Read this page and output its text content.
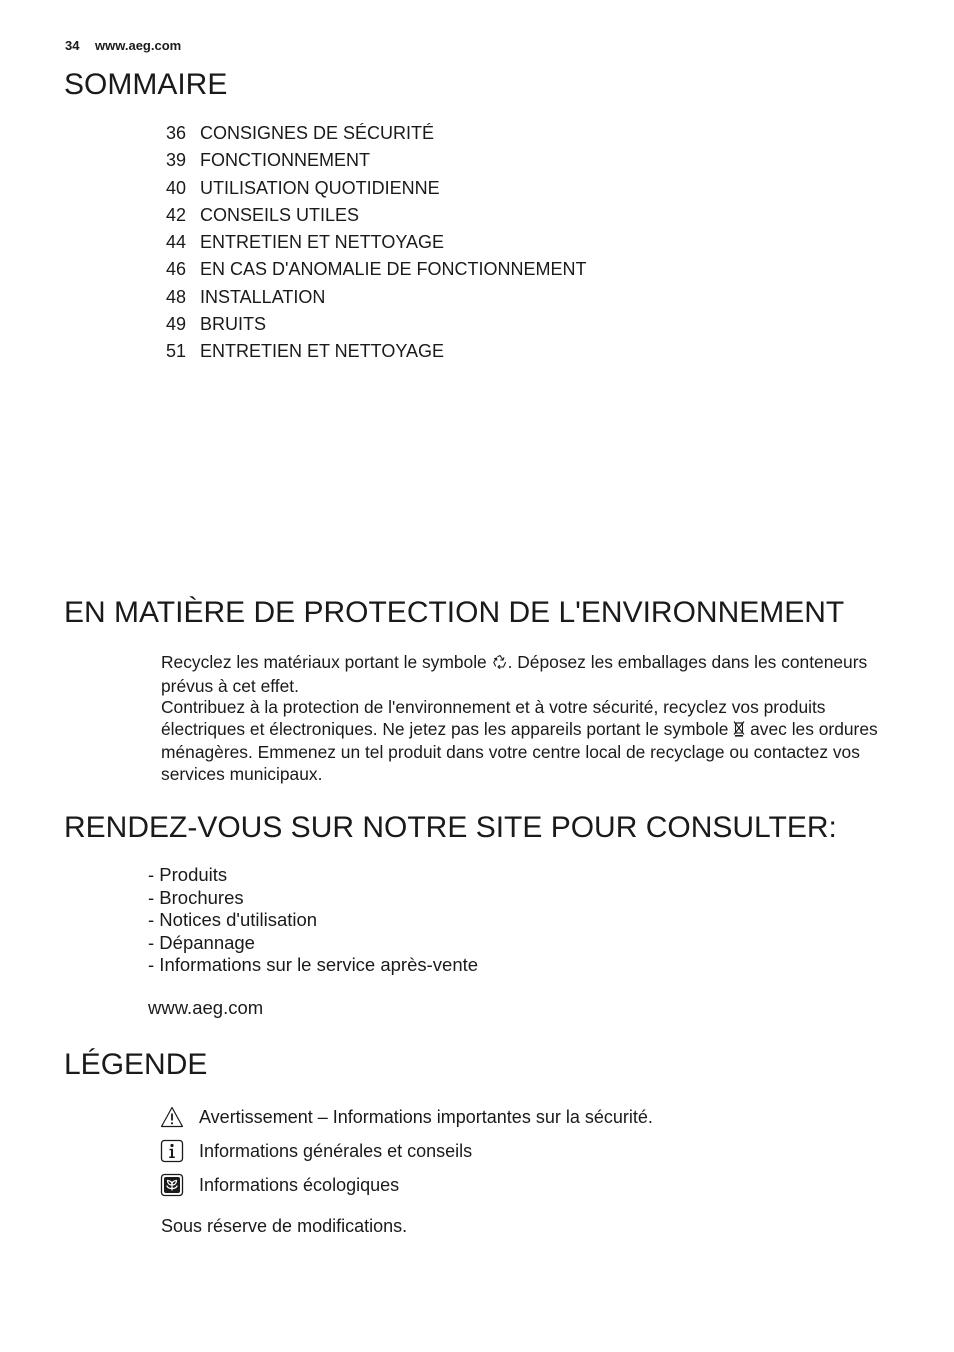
34 www.aeg.com
SOMMAIRE
36 CONSIGNES DE SÉCURITÉ
39 FONCTIONNEMENT
40 UTILISATION QUOTIDIENNE
42 CONSEILS UTILES
44 ENTRETIEN ET NETTOYAGE
46 EN CAS D'ANOMALIE DE FONCTIONNEMENT
48 INSTALLATION
49 BRUITS
51 ENTRETIEN ET NETTOYAGE
EN MATIÈRE DE PROTECTION DE L'ENVIRONNEMENT

Recyclez les matériaux portant le symbole . Déposez les emballages dans les conteneurs prévus à cet effet.

Contribuez à la protection de l'environnement et à votre sécurité, recyclez vos produits électriques et électroniques. Ne jetez pas les appareils portant le symbole avec les ordures ménagères. Emmenez un tel produit dans votre centre local de recyclage ou contactez vos services municipaux.

RENDEZ-VOUS SUR NOTRE SITE POUR CONSULTER:
- Produits
- Brochures
- Notices d'utilisation
- Dépannage
- Informations sur le service après-vente
www.aeg.com
LÉGENDE
Avertissement – Informations importantes sur la sécurité.
Informations générales et conseils
Informations écologiques
Sous réserve de modifications.
